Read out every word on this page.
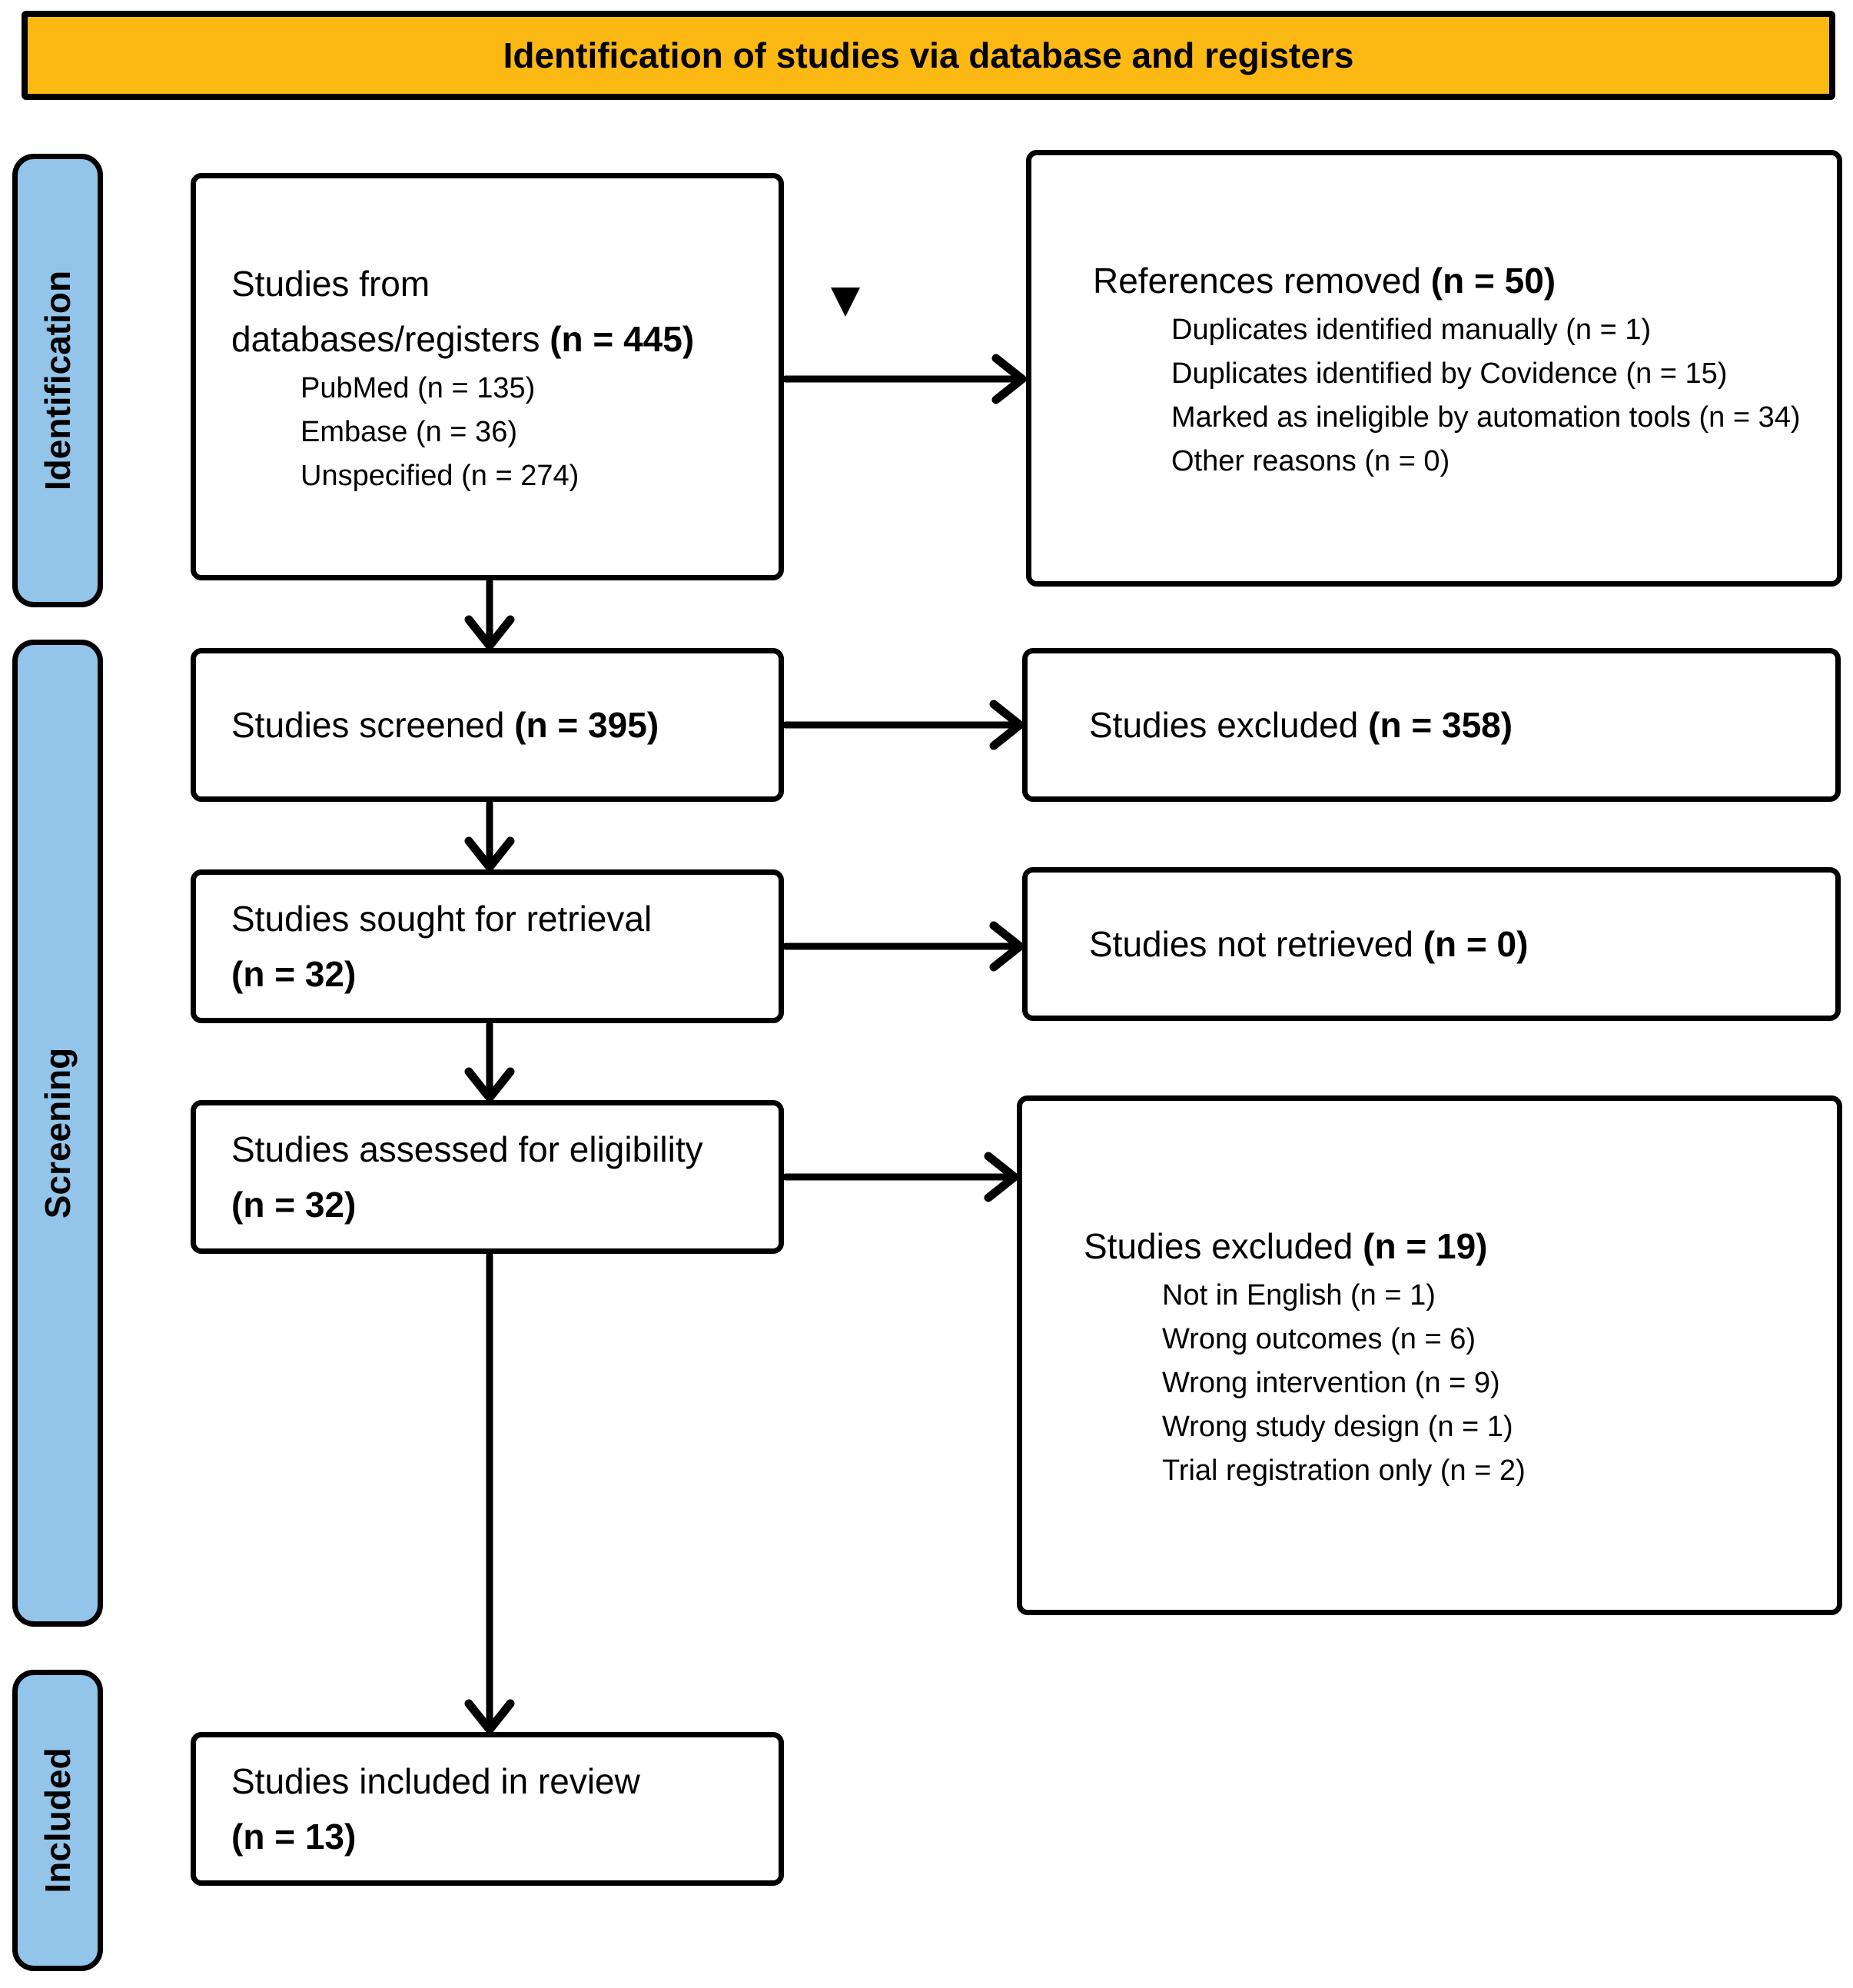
Identification of studies via database and registers
Identification
Screening
Included
Studies from
databases/registers (n = 445)
PubMed (n = 135)
Embase (n = 36)
Unspecified (n = 274)
References removed (n = 50)
Duplicates identified manually (n = 1)
Duplicates identified by Covidence (n = 15)
Marked as ineligible by automation tools (n = 34)
Other reasons (n = 0)
Studies screened (n = 395)	Studies excluded (n = 358)
Studies sought for retrieval
(n = 32)
Studies not retrieved (n = 0)
Studies assessed for eligibility
(n = 32)
Studies excluded (n = 19)
Not in English (n = 1)
Wrong outcomes (n = 6)
Wrong intervention (n = 9)
Wrong study design (n = 1)
Trial registration only (n = 2)
Studies included in review
(n = 13)
